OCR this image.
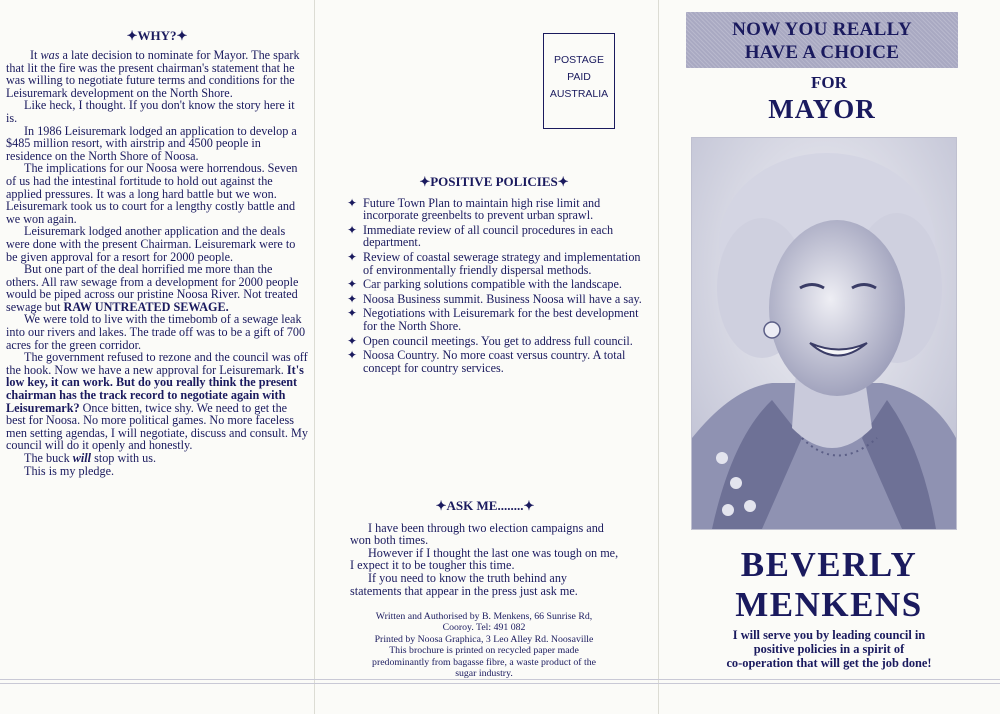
✦WHY?✦

It was a late decision to nominate for Mayor. The spark that lit the fire was the present chairman's statement that he was willing to negotiate future terms and conditions for the Leisuremark development on the North Shore.

Like heck, I thought. If you don't know the story here it is.

In 1986 Leisuremark lodged an application to develop a $485 million resort, with airstrip and 4500 people in residence on the North Shore of Noosa.

The implications for our Noosa were horrendous. Seven of us had the intestinal fortitude to hold out against the applied pressures. It was a long hard battle but we won. Leisuremark took us to court for a lengthy costly battle and we won again.

Leisuremark lodged another application and the deals were done with the present Chairman. Leisuremark were to be given approval for a resort for 2000 people.

But one part of the deal horrified me more than the others. All raw sewage from a development for 2000 people would be piped across our pristine Noosa River. Not treated sewage but RAW UNTREATED SEWAGE.

We were told to live with the timebomb of a sewage leak into our rivers and lakes. The trade off was to be a gift of 700 acres for the green corridor.

The government refused to rezone and the council was off the hook. Now we have a new approval for Leisuremark. It's low key, it can work. But do you really think the present chairman has the track record to negotiate again with Leisuremark? Once bitten, twice shy. We need to get the best for Noosa. No more political games. No more faceless men setting agendas, I will negotiate, discuss and consult. My council will do it openly and honestly.

The buck will stop with us.

This is my pledge.

POSTAGE
PAID
AUSTRALIA
✦POSITIVE POLICIES✦
✦ Future Town Plan to maintain high rise limit and incorporate greenbelts to prevent urban sprawl.
✦ Immediate review of all council procedures in each department.
✦ Review of coastal sewerage strategy and implementation of environmentally friendly dispersal methods.
✦ Car parking solutions compatible with the landscape.
✦ Noosa Business summit. Business Noosa will have a say.
✦ Negotiations with Leisuremark for the best development for the North Shore.
✦ Open council meetings. You get to address full council.
✦ Noosa Country. No more coast versus country. A total concept for country services.
✦ASK ME........✦

I have been through two election campaigns and won both times.

However if I thought the last one was tough on me, I expect it to be tougher this time.

If you need to know the truth behind any statements that appear in the press just ask me.

Written and Authorised by B. Menkens, 66 Sunrise Rd,

Cooroy. Tel: 491 082

Printed by Noosa Graphica, 3 Leo Alley Rd. Noosaville

This brochure is printed on recycled paper made

predominantly from bagasse fibre, a waste product of the

sugar industry.

NOW YOU REALLY
HAVE A CHOICE
FOR
MAYOR
BEVERLY
MENKENS
I will serve you by leading council in
positive policies in a spirit of
co-operation that will get the job done!
